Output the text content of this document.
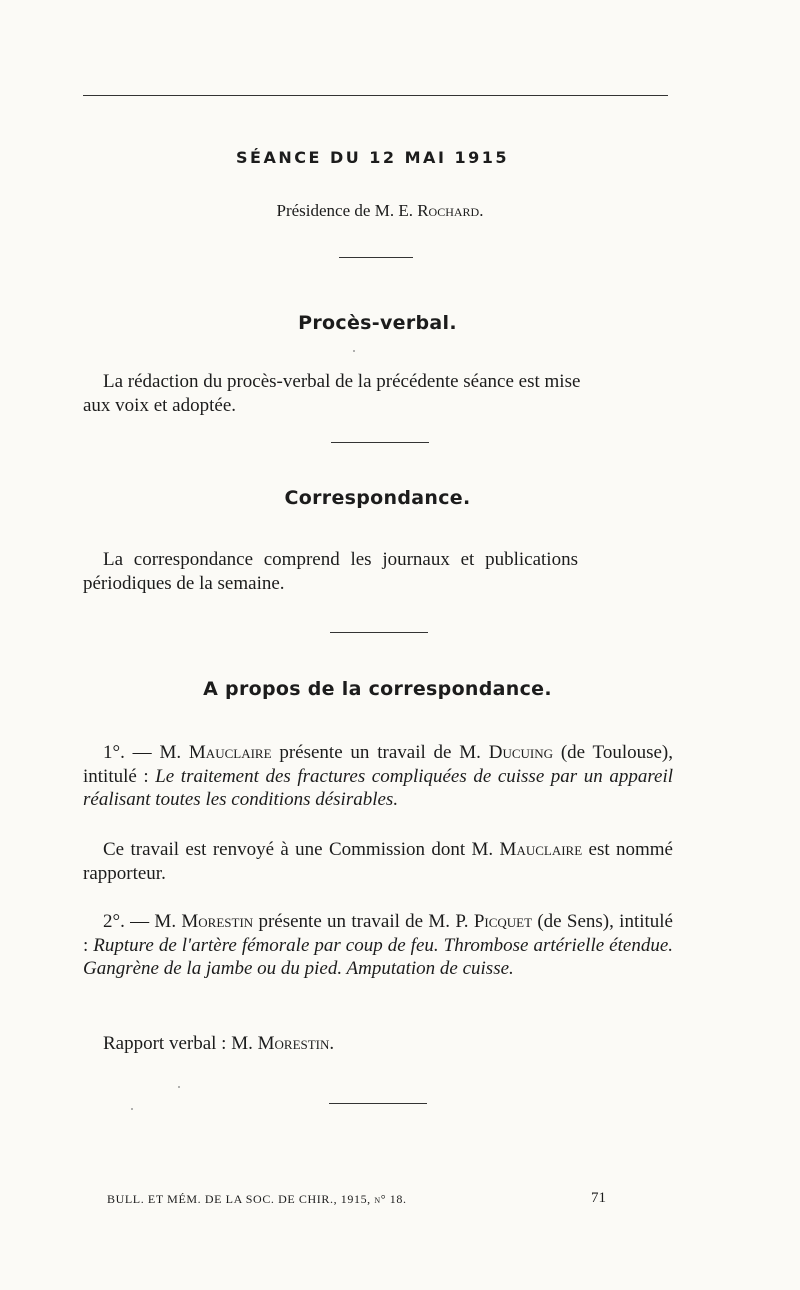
SÉANCE DU 12 MAI 1915
Présidence de M. E. Rochard.
Procès-verbal.
La rédaction du procès-verbal de la précédente séance est mise
aux voix et adoptée.
Correspondance.
La correspondance comprend les journaux et publications
périodiques de la semaine.
A propos de la correspondance.
1°. — M. Mauclaire présente un travail de M. Ducuing (de Toulouse), intitulé : Le traitement des fractures compliquées de cuisse par un appareil réalisant toutes les conditions désirables.
Ce travail est renvoyé à une Commission dont M. Mauclaire est nommé rapporteur.
2°. — M. Morestin présente un travail de M. P. Picquet (de Sens), intitulé : Rupture de l'artère fémorale par coup de feu. Thrombose artérielle étendue. Gangrène de la jambe ou du pied. Amputation de cuisse.
Rapport verbal : M. Morestin.
BULL. ET MÉM. DE LA SOC. DE CHIR., 1915, n° 18.	71
